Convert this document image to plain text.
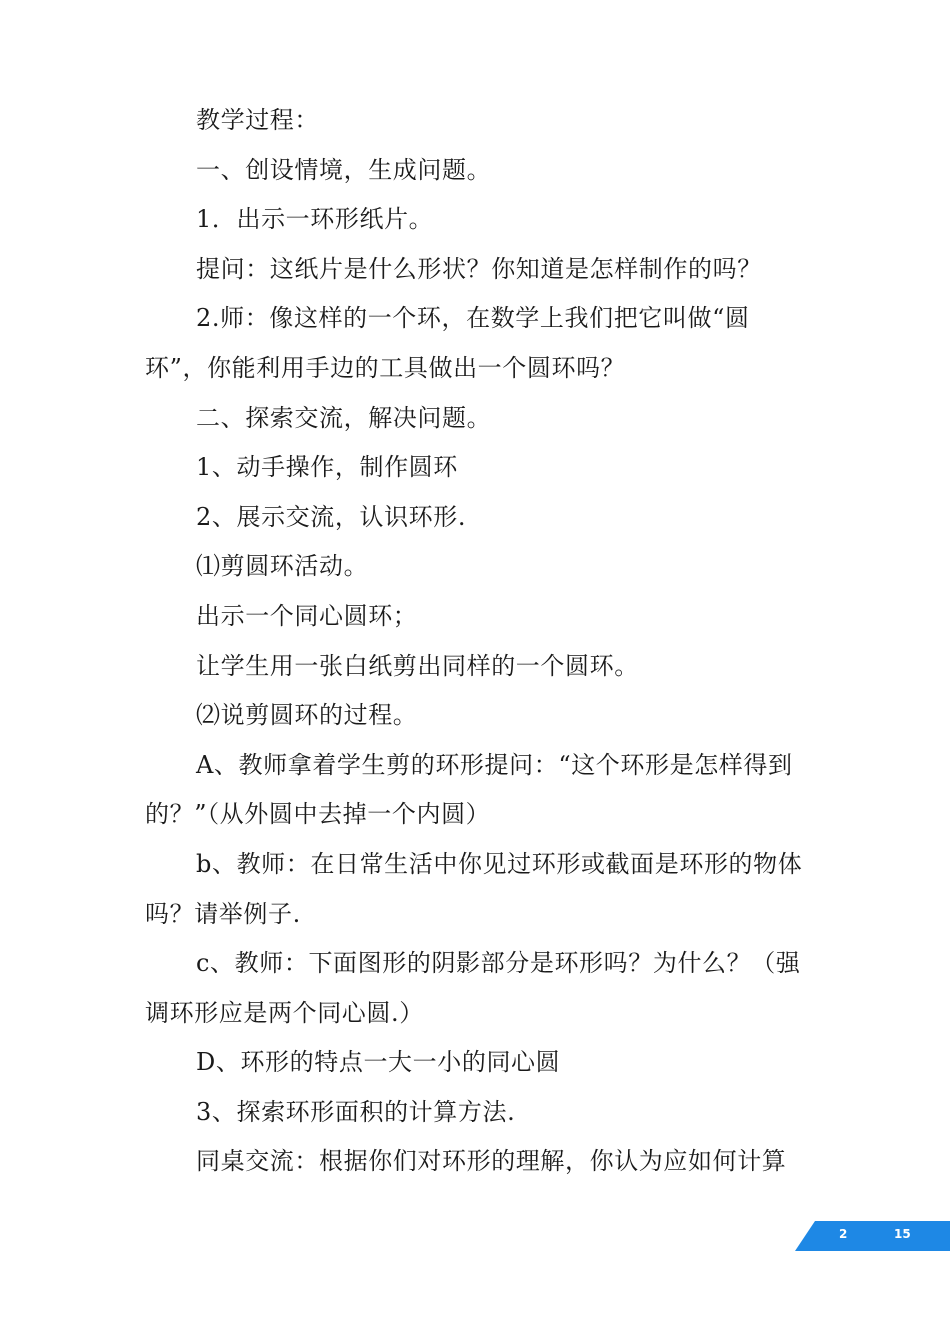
教学过程：

一、创设情境，生成问题。

1．出示一环形纸片。

提问：这纸片是什么形状？你知道是怎样制作的吗？

2.师：像这样的一个环，在数学上我们把它叫做“圆环”，你能利用手边的工具做出一个圆环吗？

二、探索交流，解决问题。

1、动手操作，制作圆环

2、展示交流，认识环形.

⑴剪圆环活动。

出示一个同心圆环；

让学生用一张白纸剪出同样的一个圆环。

⑵说剪圆环的过程。

A、教师拿着学生剪的环形提问：“这个环形是怎样得到的？”（从外圆中去掉一个内圆）

b、教师：在日常生活中你见过环形或截面是环形的物体吗？请举例子.

c、教师：下面图形的阴影部分是环形吗？为什么？（强调环形应是两个同心圆.）

D、环形的特点一大一小的同心圆

3、探索环形面积的计算方法.

同桌交流：根据你们对环形的理解，你认为应如何计算

2	15
